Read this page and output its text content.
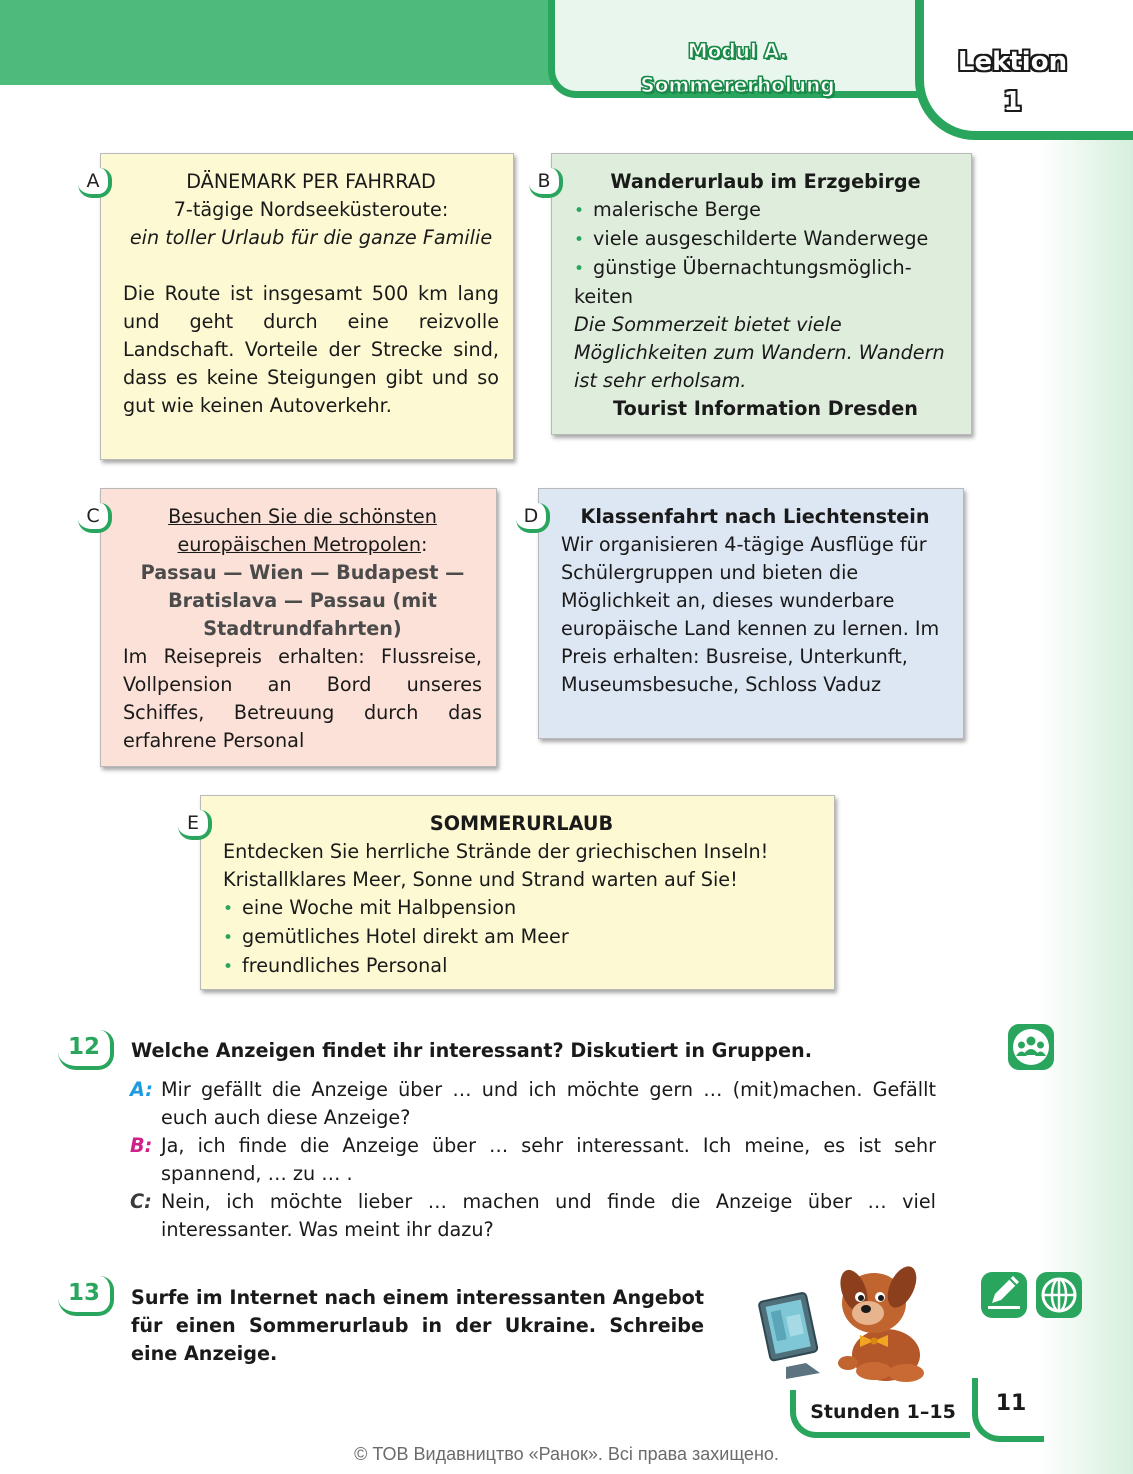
Modul A. Sommererholung
Lektion 1

DÄNEMARK PER FAHRRAD

7-tägige Nordseeküsteroute:

ein toller Urlaub für die ganze Familie

Die Route ist insgesamt 500 km lang und geht durch eine reizvolle Landschaft. Vorteile der Strecke sind, dass es keine Steigungen gibt und so gut wie keinen Autoverkehr.

A	Wanderurlaub im Erzgebirge

• malerische Berge

• viele ausgeschilderte Wanderwege

• günstige Übernachtungsmöglichkeiten

Die Sommerzeit bietet viele Möglichkeiten zum Wandern. Wandern ist sehr erholsam.

Tourist Information Dresden

B

Besuchen Sie die schönsten europäischen Metropolen:

Passau — Wien — Budapest — Bratislava — Passau (mit Stadtrundfahrten)

Im Reisepreis erhalten: Flussreise, Vollpension an Bord unseres Schiffes, Betreuung durch das erfahrene Personal

C	Klassenfahrt nach Liechtenstein

Wir organisieren 4-tägige Ausflüge für Schülergruppen und bieten die Möglichkeit an, dieses wunderbare europäische Land kennen zu lernen. Im Preis erhalten: Busreise, Unterkunft, Museumsbesuche, Schloss Vaduz

D

SOMMERURLAUB

Entdecken Sie herrliche Strände der griechischen Inseln! Kristallklares Meer, Sonne und Strand warten auf Sie!

• eine Woche mit Halbpension

• gemütliches Hotel direkt am Meer

• freundliches Personal

E
12	Welche Anzeigen findet ihr interessant? Diskutiert in Gruppen.
A: Mir gefällt die Anzeige über … und ich möchte gern … (mit)machen. Gefällt euch auch diese Anzeige?
B: Ja, ich finde die Anzeige über … sehr interessant. Ich meine, es ist sehr spannend, … zu … .
C: Nein, ich möchte lieber … machen und finde die Anzeige über … viel interessanter. Was meint ihr dazu?
13	Surfe im Internet nach einem interessanten Angebot für einen Sommerurlaub in der Ukraine. Schreibe eine Anzeige.
Stunden 1–15	11
© ТОВ Видавництво «Ранок». Всі права захищено.
